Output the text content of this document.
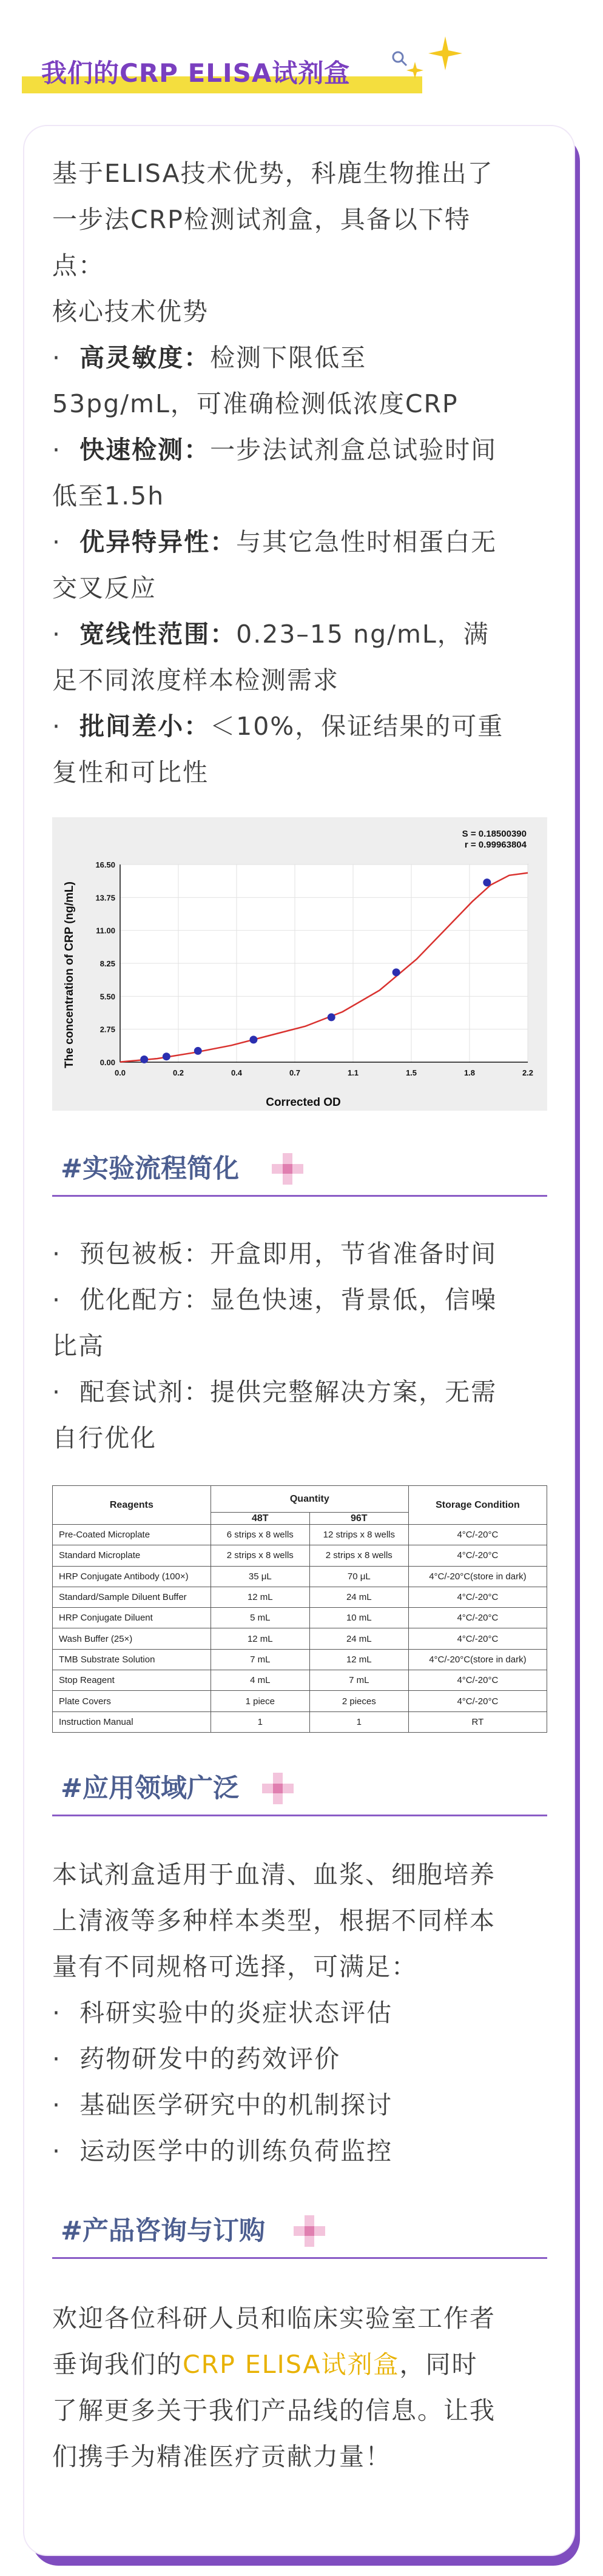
我们的CRP ELISA试剂盒
基于ELISA技术优势，科鹿生物推出了
一步法CRP检测试剂盒，具备以下特
点：
核心技术优势
· 高灵敏度：检测下限低至
53pg/mL，可准确检测低浓度CRP
· 快速检测：一步法试剂盒总试验时间
低至1.5h
· 优异特异性：与其它急性时相蛋白无
交叉反应
· 宽线性范围：0.23–15 ng/mL，满
足不同浓度样本检测需求
· 批间差小：＜10%，保证结果的可重
复性和可比性
S = 0.18500390
r = 0.99963804
Corrected OD
The concentration of CRP (ng/mL)	0.00
2.75
5.50
8.25
11.00
13.75
16.50
0.0	0.2	0.4	0.7	1.1	1.5	1.8	2.2
#实验流程简化
· 预包被板：开盒即用，节省准备时间
· 优化配方：显色快速，背景低，信噪
比高
· 配套试剂：提供完整解决方案，无需
自行优化
Reagents	Quantity		Storage Condition
	48T	96T	
Pre-Coated Microplate	6 strips x 8 wells	12 strips x 8 wells	4°C/-20°C
Standard Microplate	2 strips x 8 wells	2 strips x 8 wells	4°C/-20°C
HRP Conjugate Antibody (100×)	35 μL	70 μL	4°C/-20°C(store in dark)
Standard/Sample Diluent Buffer	12 mL	24 mL	4°C/-20°C
HRP Conjugate Diluent	5 mL	10 mL	4°C/-20°C
Wash Buffer (25×)	12 mL	24 mL	4°C/-20°C
TMB Substrate Solution	7 mL	12 mL	4°C/-20°C(store in dark)
Stop Reagent	4 mL	7 mL	4°C/-20°C
Plate Covers	1 piece	2 pieces	4°C/-20°C
Instruction Manual	1	1	RT
#应用领域广泛
本试剂盒适用于血清、血浆、细胞培养
上清液等多种样本类型，根据不同样本
量有不同规格可选择，可满足：
· 科研实验中的炎症状态评估
· 药物研发中的药效评价
· 基础医学研究中的机制探讨
· 运动医学中的训练负荷监控
#产品咨询与订购
欢迎各位科研人员和临床实验室工作者
垂询我们的CRP ELISA试剂盒，同时
了解更多关于我们产品线的信息。让我
们携手为精准医疗贡献力量！
